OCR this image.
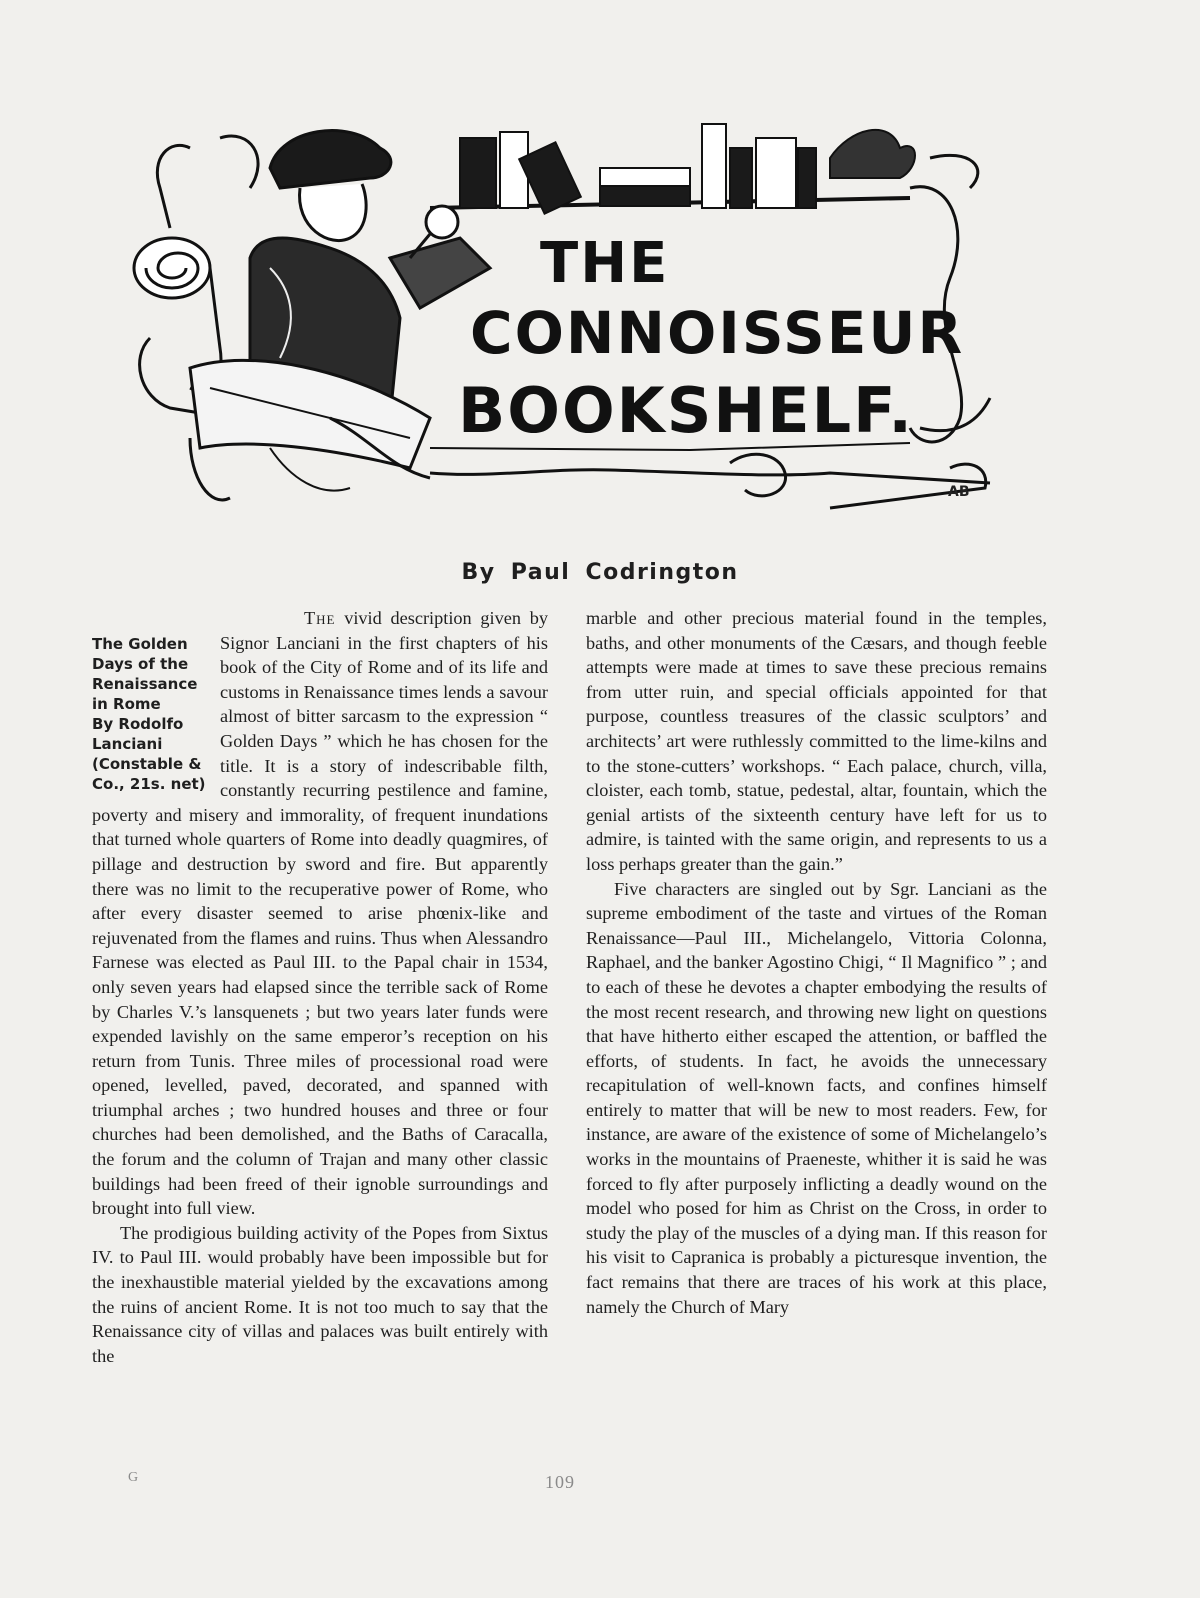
THE
CONNOISSEUR
BOOKSHELF.
AB
By Paul Codrington
The Golden
Days of the
Renaissance
in Rome
By Rodolfo
Lanciani
(Constable &
Co., 21s. net)

The vivid description given by Signor Lanciani in the first chapters of his book of the City of Rome and of its life and customs in Renaissance times lends a savour almost of bitter sarcasm to the expression “ Golden Days ” which he has chosen for the title. It is a story of indescribable filth, constantly recurring pestilence and famine, poverty and misery and immorality, of frequent inundations that turned whole quarters of Rome into deadly quagmires, of pillage and destruction by sword and fire. But apparently there was no limit to the recuperative power of Rome, who after every disaster seemed to arise phœnix-like and rejuvenated from the flames and ruins. Thus when Alessandro Farnese was elected as Paul III. to the Papal chair in 1534, only seven years had elapsed since the terrible sack of Rome by Charles V.’s lansquenets ; but two years later funds were expended lavishly on the same emperor’s reception on his return from Tunis. Three miles of processional road were opened, levelled, paved, decorated, and spanned with triumphal arches ; two hundred houses and three or four churches had been demolished, and the Baths of Caracalla, the forum and the column of Trajan and many other classic buildings had been freed of their ignoble surroundings and brought into full view.

The prodigious building activity of the Popes from Sixtus IV. to Paul III. would probably have been impossible but for the inexhaustible material yielded by the excavations among the ruins of ancient Rome. It is not too much to say that the Renaissance city of villas and palaces was built entirely with the

marble and other precious material found in the temples, baths, and other monuments of the Cæsars, and though feeble attempts were made at times to save these precious remains from utter ruin, and special officials appointed for that purpose, countless treasures of the classic sculptors’ and architects’ art were ruthlessly committed to the lime-kilns and to the stone-cutters’ workshops. “ Each palace, church, villa, cloister, each tomb, statue, pedestal, altar, fountain, which the genial artists of the sixteenth century have left for us to admire, is tainted with the same origin, and represents to us a loss perhaps greater than the gain.”

Five characters are singled out by Sgr. Lanciani as the supreme embodiment of the taste and virtues of the Roman Renaissance—Paul III., Michelangelo, Vittoria Colonna, Raphael, and the banker Agostino Chigi, “ Il Magnifico ” ; and to each of these he devotes a chapter embodying the results of the most recent research, and throwing new light on questions that have hitherto either escaped the attention, or baffled the efforts, of students. In fact, he avoids the unnecessary recapitulation of well-known facts, and confines himself entirely to matter that will be new to most readers. Few, for instance, are aware of the existence of some of Michelangelo’s works in the mountains of Praeneste, whither it is said he was forced to fly after purposely inflicting a deadly wound on the model who posed for him as Christ on the Cross, in order to study the play of the muscles of a dying man. If this reason for his visit to Capranica is probably a picturesque invention, the fact remains that there are traces of his work at this place, namely the Church of Mary

G	109
